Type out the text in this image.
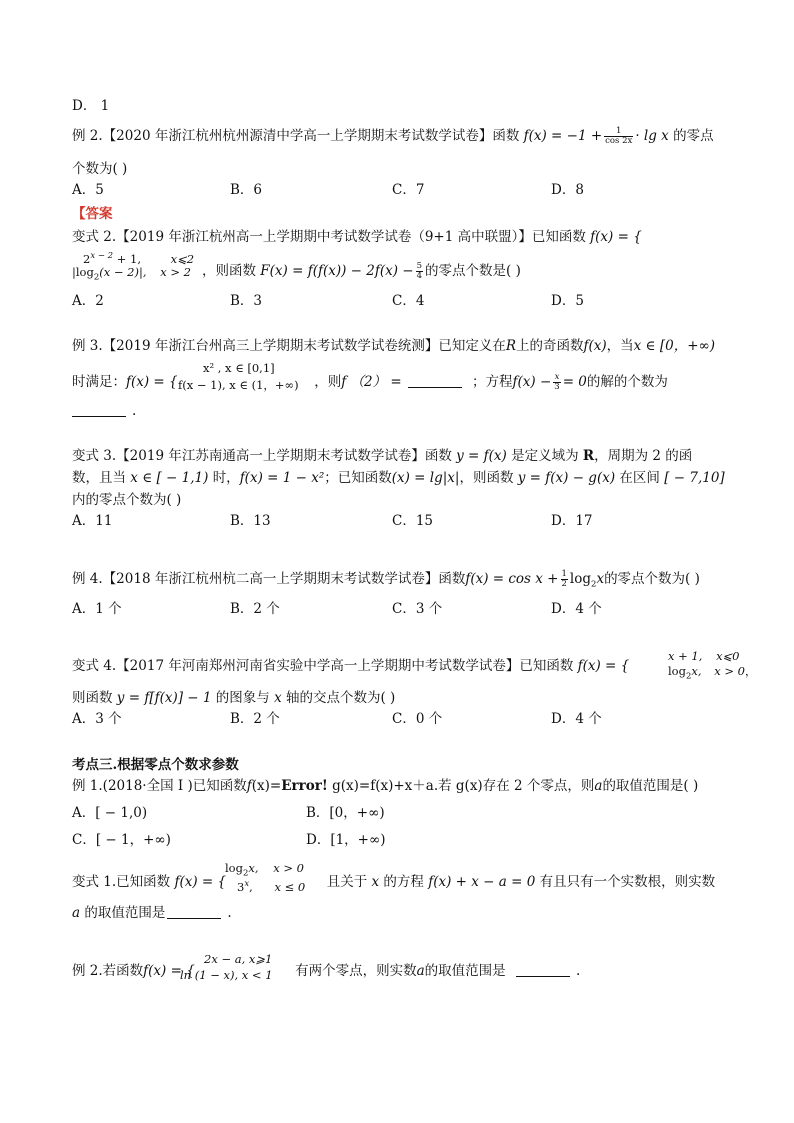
D． 1
例 2.【2020 年浙江杭州杭州源清中学高一上学期期末考试数学试卷】函数 $f(x) = -1 + \frac{1}{\cos 2x} \cdot \lg x$ 的零点
个数为( )
A．5	B．6	C．7	D．8
【答案
变式 2.【2019 年浙江杭州高一上学期期中考试数学试卷（9+1 高中联盟）】已知函数 f(x) = {
$2^{x - 2} + 1$,	x⩽2
$|\log_2(x - 2)|$, x > 2 ，则函数 $F(x) = f(f(x)) - 2f(x) - \frac{5}{4}$ 的零点个数是( )
A．2	B．3	C．4	D．5
例 3.【2019 年浙江台州高三上学期期末考试数学试卷统测】已知定义在R上的奇函数f(x)，当x ∈ [0，+∞)
x² , x ∈ [0,1]
f(x − 1), x ∈ (1，+∞)
时满足：f(x) = {	，则f （2） =	；方程$f(x) - \frac{x}{3} = 0$的解的个数为
.
变式 3.【2019 年江苏南通高一上学期期末考试数学试卷】函数 y = f(x) 是定义域为 R，周期为 2 的函
数，且当 x ∈ [ − 1,1) 时，f(x) = 1 − x²；已知函数(x) = lg|x|，则函数 y = f(x) − g(x) 在区间 [ − 7,10]
内的零点个数为( )
A．11	B．13	C．15	D．17
例 4.【2018 年浙江杭州杭二高一上学期期末考试数学试卷】函数$f(x) = \cos x + \frac{1}{2} \log_2x$的零点个数为( )
A．1 个	B．2 个	C．3 个	D．4 个
变式 4.【2017 年河南郑州河南省实验中学高一上学期期中考试数学试卷】已知函数 f(x) = {
x + 1, x⩽0
$\log_2x$, x > 0，
则函数 y = f[f(x)] − 1 的图象与 x 轴的交点个数为( )
A．3 个	B．2 个	C．0 个	D．4 个
考点三.根据零点个数求参数
例 1.(2018·全国 I )已知函数f(x)=Error! g(x)=f(x)+x＋a.若 g(x)存在 2 个零点，则a的取值范围是( )
A．[ − 1,0)	B．[0，+∞)
C．[ − 1，+∞)	D．[1，+∞)
变式 1.已知函数 f(x) = {	且关于 x 的方程 f(x) + x − a = 0 有且只有一个实数根，则实数
$\log_2x$, x > 0
3$^x$, x ≤ 0
a 的取值范围是	.
例 2.若函数f(x) = {	有两个零点，则实数a的取值范围是	.
2x − a, x⩾1
ln (1 − x), x < 1
